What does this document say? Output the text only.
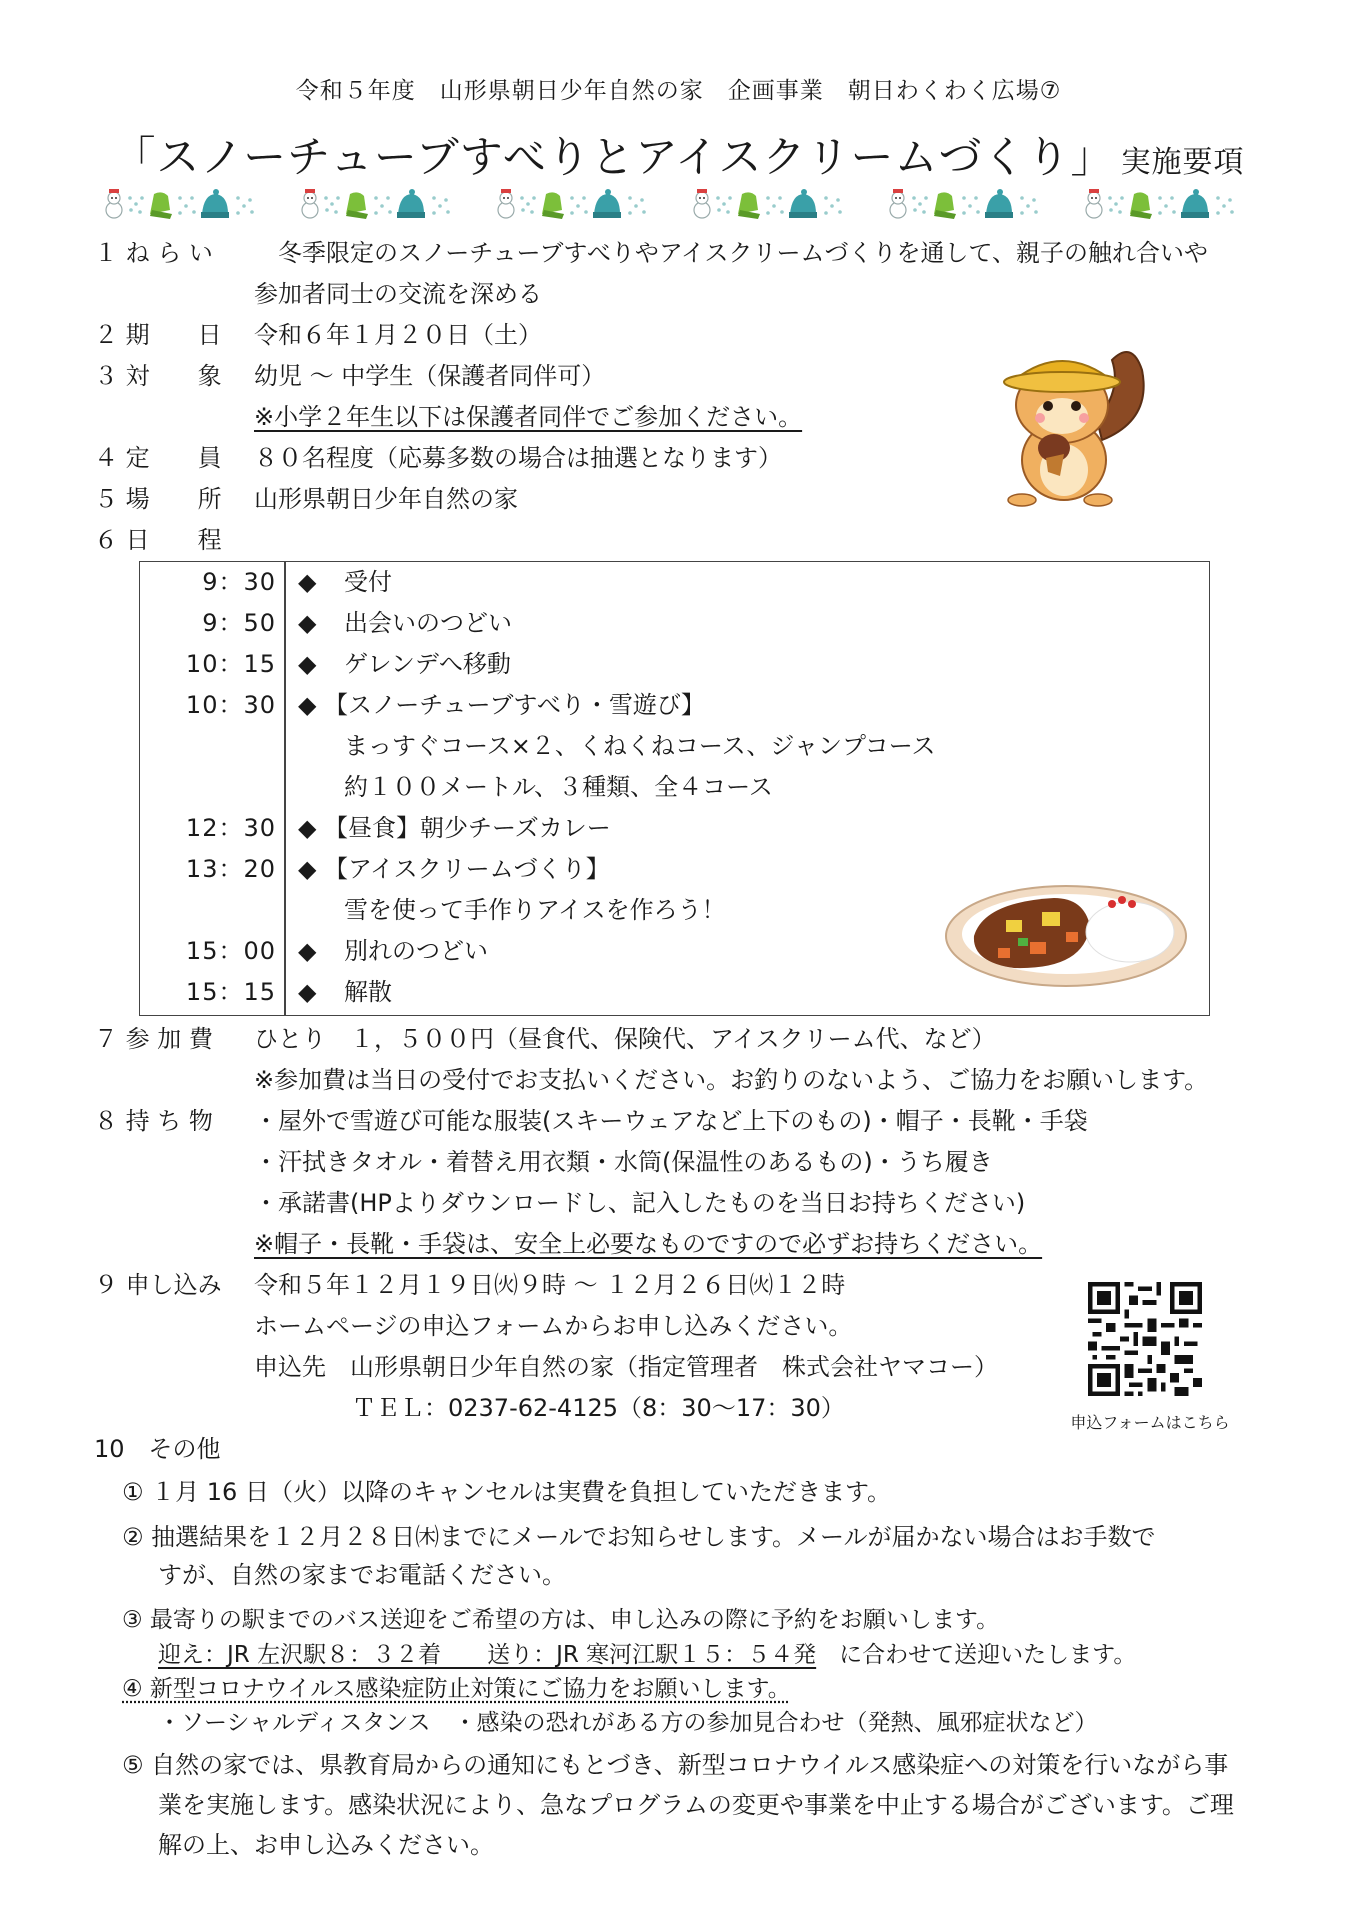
令和５年度　山形県朝日少年自然の家　企画事業　朝日わくわく広場⑦
「スノーチューブすべりとアイスクリームづくり」 実施要項
１ ね ら い	冬季限定のスノーチューブすべりやアイスクリームづくりを通して、親子の触れ合いや
参加者同士の交流を深める
２ 期　　日 令和６年１月２０日（土）
３ 対　　象 幼児 ～ 中学生（保護者同伴可）
※小学２年生以下は保護者同伴でご参加ください。
４ 定　　員 ８０名程度（応募多数の場合は抽選となります）
５ 場　　所 山形県朝日少年自然の家
６ 日　　程
9：30 ◆ 受付
9：50 ◆ 出会いのつどい
10：15 ◆ ゲレンデへ移動
10：30 ◆ 【スノーチューブすべり・雪遊び】
まっすぐコース×２、くねくねコース、ジャンプコース
約１００メートル、３種類、全４コース
12：30 ◆ 【昼食】朝少チーズカレー
13：20 ◆ 【アイスクリームづくり】
雪を使って手作りアイスを作ろう！
15：00 ◆ 別れのつどい
15：15 ◆ 解散
７ 参 加 費 ひとり　１，５００円（昼食代、保険代、アイスクリーム代、など）
※参加費は当日の受付でお支払いください。お釣りのないよう、ご協力をお願いします。
８ 持 ち 物 ・屋外で雪遊び可能な服装(スキーウェアなど上下のもの)・帽子・長靴・手袋
・汗拭きタオル・着替え用衣類・水筒(保温性のあるもの)・うち履き
・承諾書(HPよりダウンロードし、記入したものを当日お持ちください)
※帽子・長靴・手袋は、安全上必要なものですので必ずお持ちください。
９ 申し込み 令和５年１２月１９日㈫９時 ～ １２月２６日㈫１２時
ホームページの申込フォームからお申し込みください。
申込先　山形県朝日少年自然の家（指定管理者　株式会社ヤマコー）
ＴＥＬ：0237-62-4125（8：30～17：30）
申込フォームはこちら
10　その他
① １月 16 日（火）以降のキャンセルは実費を負担していただきます。
② 抽選結果を１２月２８日㈭までにメールでお知らせします。メールが届かない場合はお手数で
すが、自然の家までお電話ください。
③ 最寄りの駅までのバス送迎をご希望の方は、申し込みの際に予約をお願いします。
迎え：JR 左沢駅８：３２着　　送り：JR 寒河江駅１５：５４発　に合わせて送迎いたします。
④ 新型コロナウイルス感染症防止対策にご協力をお願いします。
・ソーシャルディスタンス　・感染の恐れがある方の参加見合わせ（発熱、風邪症状など）
⑤ 自然の家では、県教育局からの通知にもとづき、新型コロナウイルス感染症への対策を行いながら事
業を実施します。感染状況により、急なプログラムの変更や事業を中止する場合がございます。ご理
解の上、お申し込みください。
